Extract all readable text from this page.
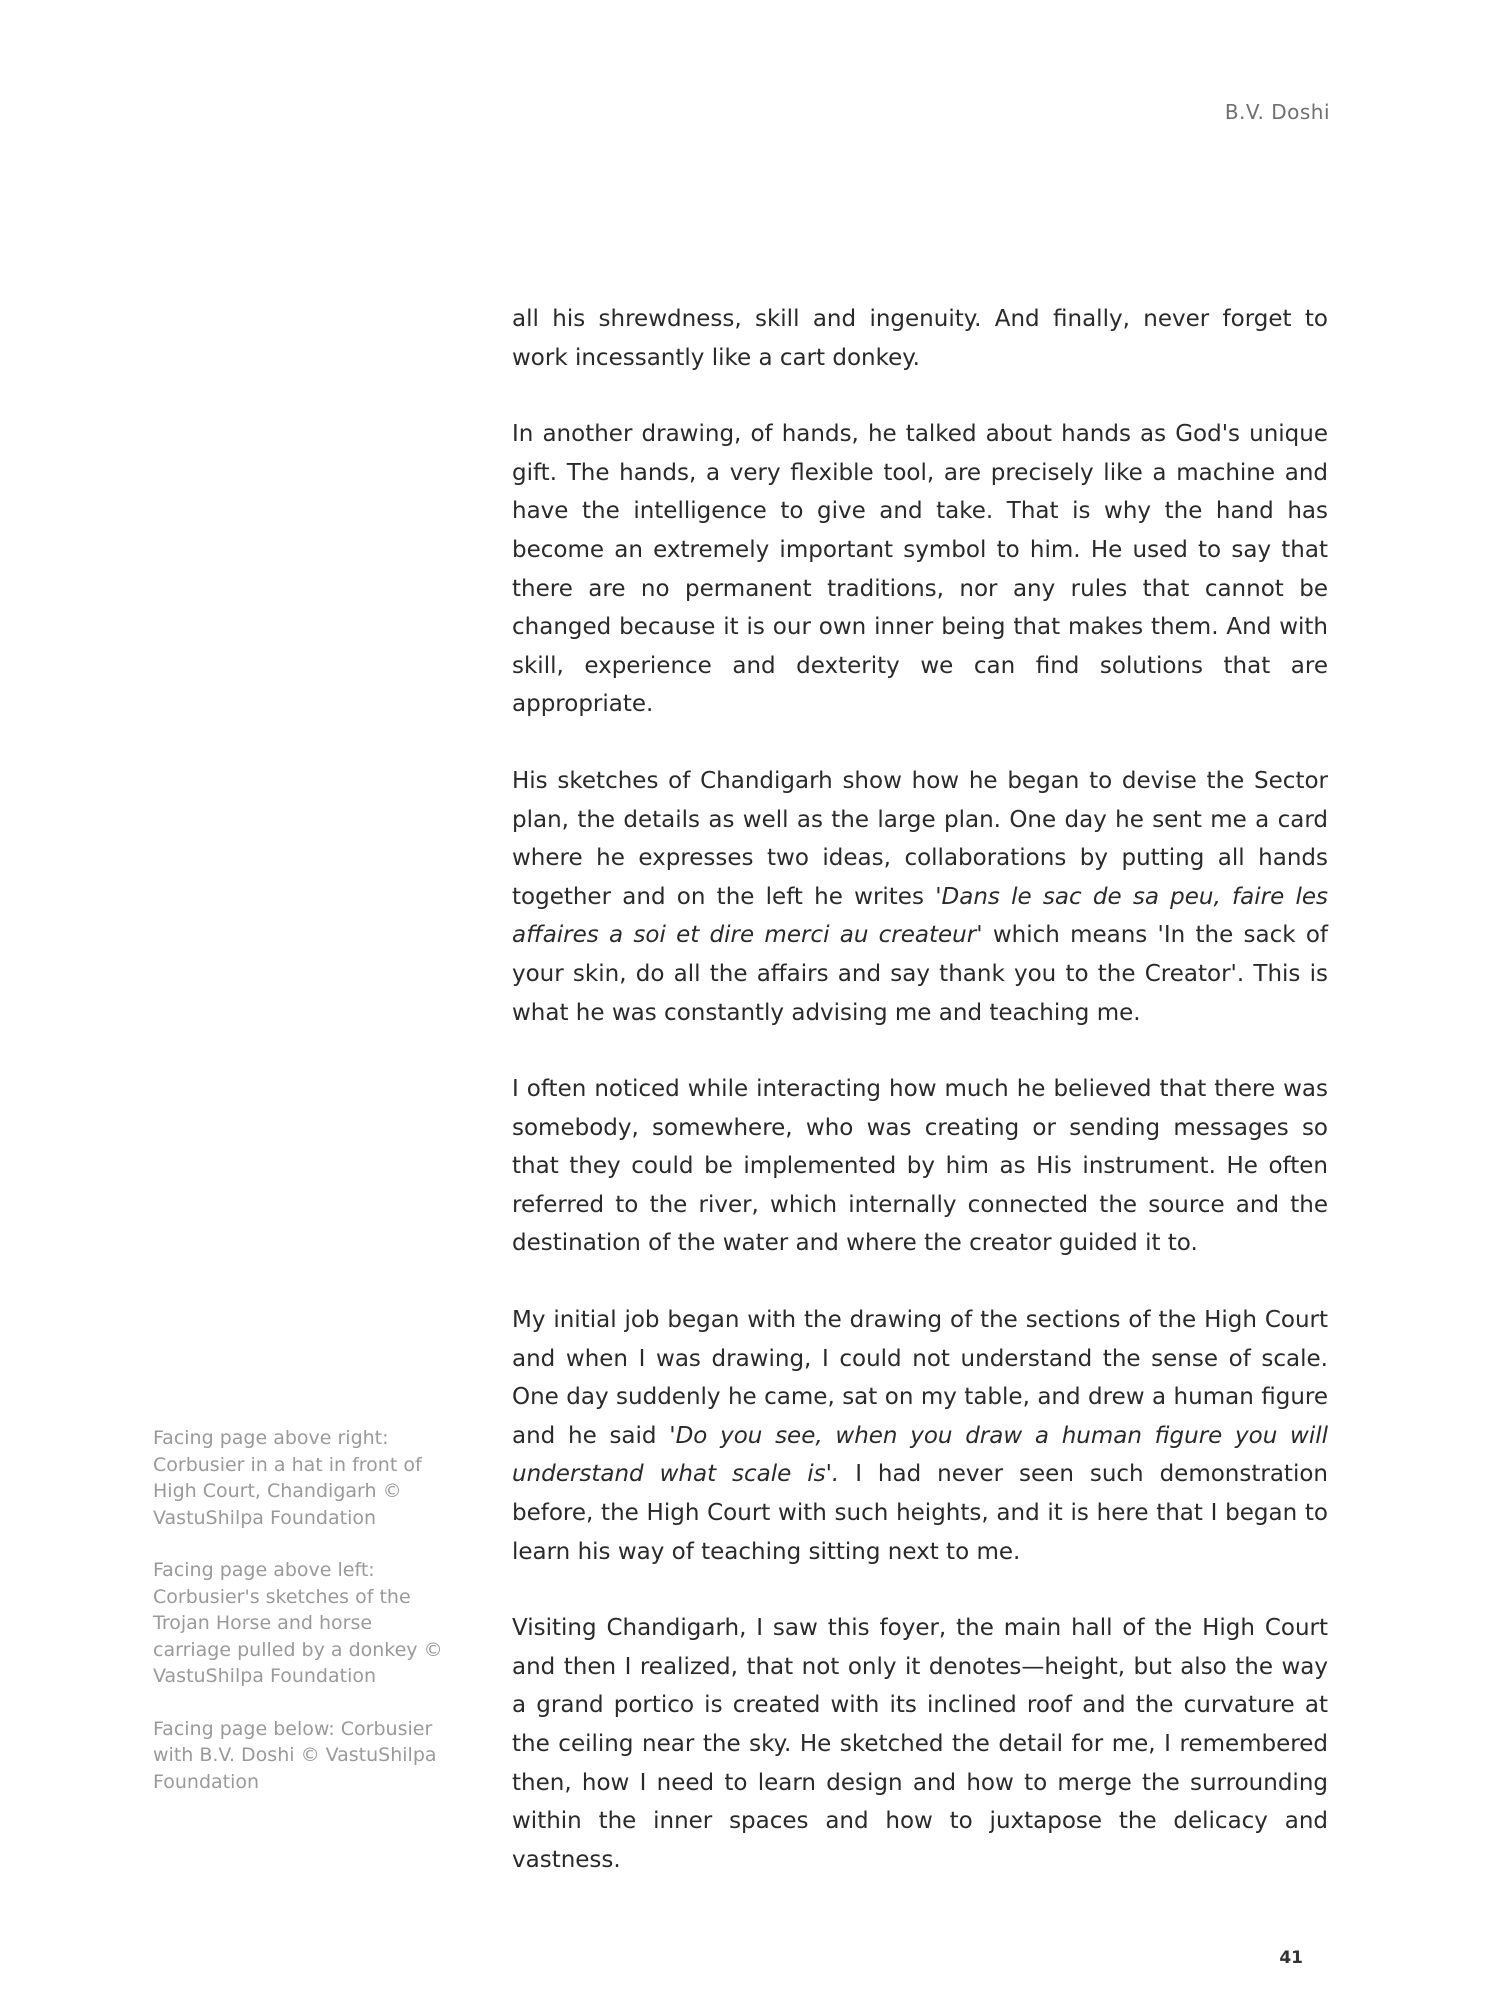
B.V. Doshi

all his shrewdness, skill and ingenuity. And finally, never forget to work incessantly like a cart donkey.

In another drawing, of hands, he talked about hands as God's unique gift. The hands, a very flexible tool, are precisely like a machine and have the intelligence to give and take. That is why the hand has become an extremely important symbol to him. He used to say that there are no permanent traditions, nor any rules that cannot be changed because it is our own inner being that makes them. And with skill, experience and dexterity we can find solutions that are appropriate.

His sketches of Chandigarh show how he began to devise the Sector plan, the details as well as the large plan. One day he sent me a card where he expresses two ideas, collaborations by putting all hands together and on the left he writes 'Dans le sac de sa peu, faire les affaires a soi et dire merci au createur' which means 'In the sack of your skin, do all the affairs and say thank you to the Creator'. This is what he was constantly advising me and teaching me.

I often noticed while interacting how much he believed that there was somebody, somewhere, who was creating or sending messages so that they could be implemented by him as His instrument. He often referred to the river, which internally connected the source and the destination of the water and where the creator guided it to.

My initial job began with the drawing of the sections of the High Court and when I was drawing, I could not understand the sense of scale. One day suddenly he came, sat on my table, and drew a human figure and he said 'Do you see, when you draw a human figure you will understand what scale is'. I had never seen such demonstration before, the High Court with such heights, and it is here that I began to learn his way of teaching sitting next to me.

Visiting Chandigarh, I saw this foyer, the main hall of the High Court and then I realized, that not only it denotes—height, but also the way a grand portico is created with its inclined roof and the curvature at the ceiling near the sky. He sketched the detail for me, I remembered then, how I need to learn design and how to merge the surrounding within the inner spaces and how to juxtapose the delicacy and vastness.

Facing page above right: Corbusier in a hat in front of High Court, Chandigarh © VastuShilpa Foundation

Facing page above left: Corbusier's sketches of the Trojan Horse and horse carriage pulled by a donkey © VastuShilpa Foundation

Facing page below: Corbusier with B.V. Doshi © VastuShilpa Foundation

41
